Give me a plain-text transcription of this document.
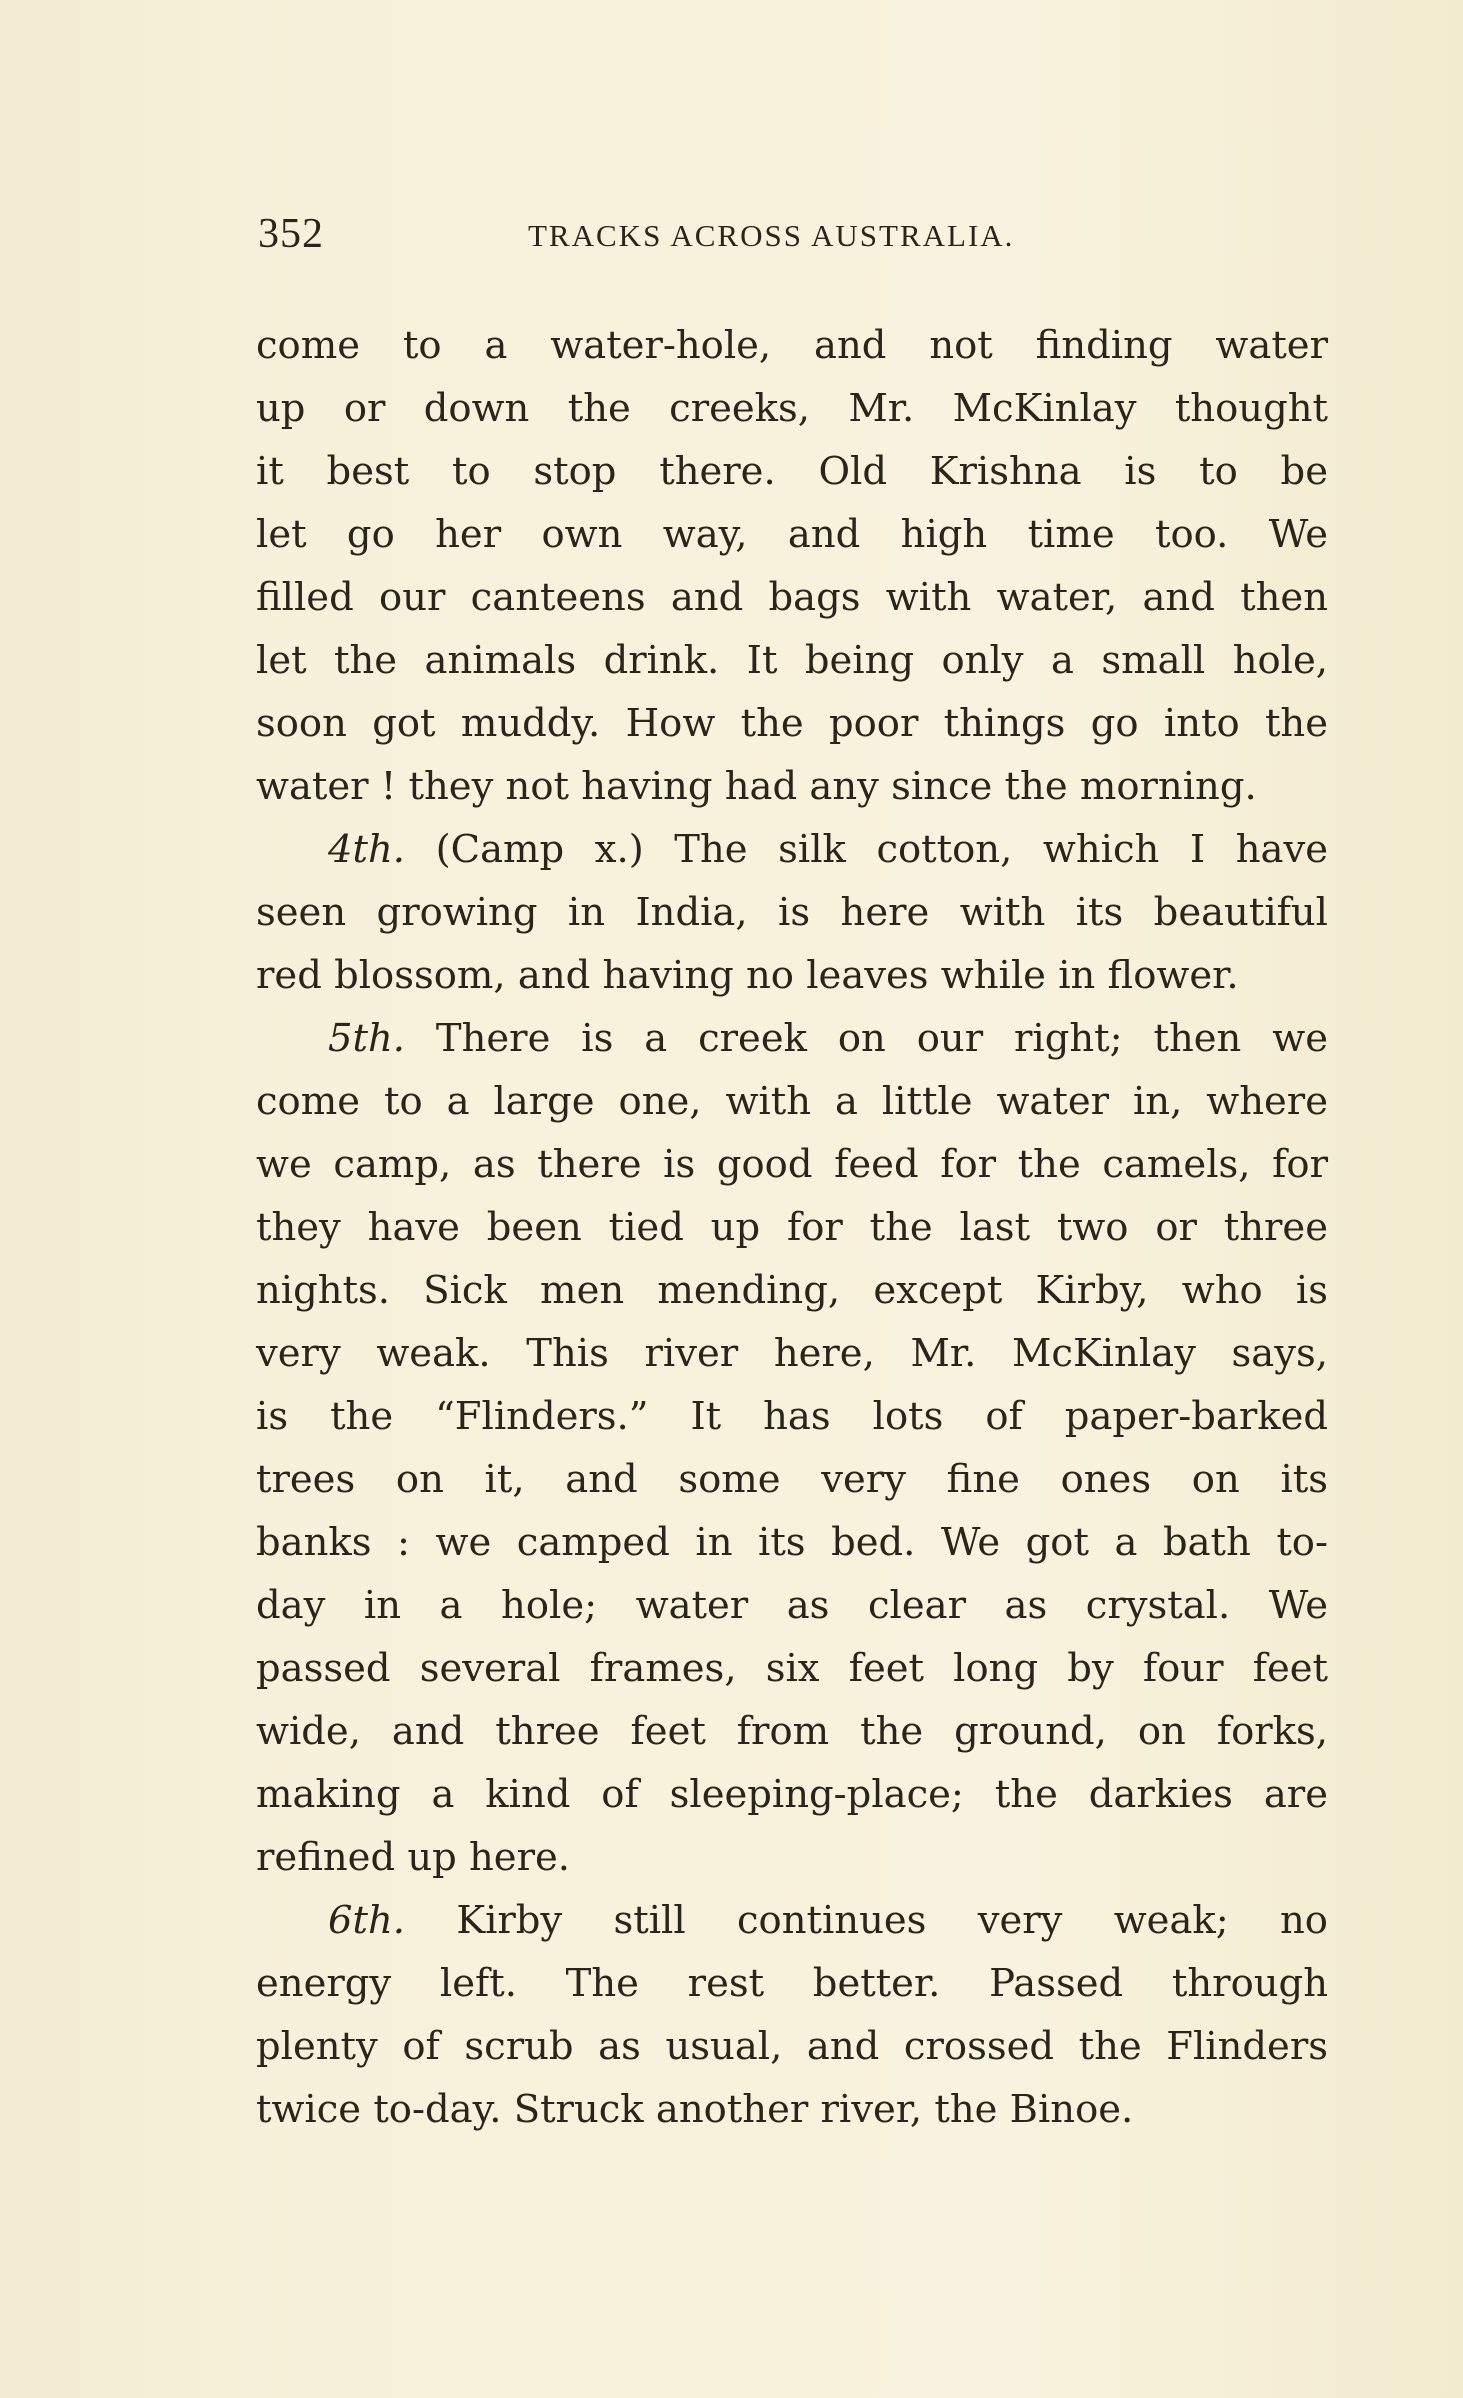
352	TRACKS ACROSS AUSTRALIA.
come to a water-hole, and not finding water
up or down the creeks, Mr. McKinlay thought
it best to stop there. Old Krishna is to be
let go her own way, and high time too. We
filled our canteens and bags with water, and then
let the animals drink. It being only a small hole,
soon got muddy. How the poor things go into the
water ! they not having had any since the morning.
4th. (Camp x.) The silk cotton, which I have
seen growing in India, is here with its beautiful
red blossom, and having no leaves while in flower.
5th. There is a creek on our right; then we
come to a large one, with a little water in, where
we camp, as there is good feed for the camels, for
they have been tied up for the last two or three
nights. Sick men mending, except Kirby, who is
very weak. This river here, Mr. McKinlay says,
is the “Flinders.” It has lots of paper-barked
trees on it, and some very fine ones on its
banks : we camped in its bed. We got a bath to-
day in a hole; water as clear as crystal. We
passed several frames, six feet long by four feet
wide, and three feet from the ground, on forks,
making a kind of sleeping-place; the darkies are
refined up here.
6th. Kirby still continues very weak; no
energy left. The rest better. Passed through
plenty of scrub as usual, and crossed the Flinders
twice to-day. Struck another river, the Binoe.
